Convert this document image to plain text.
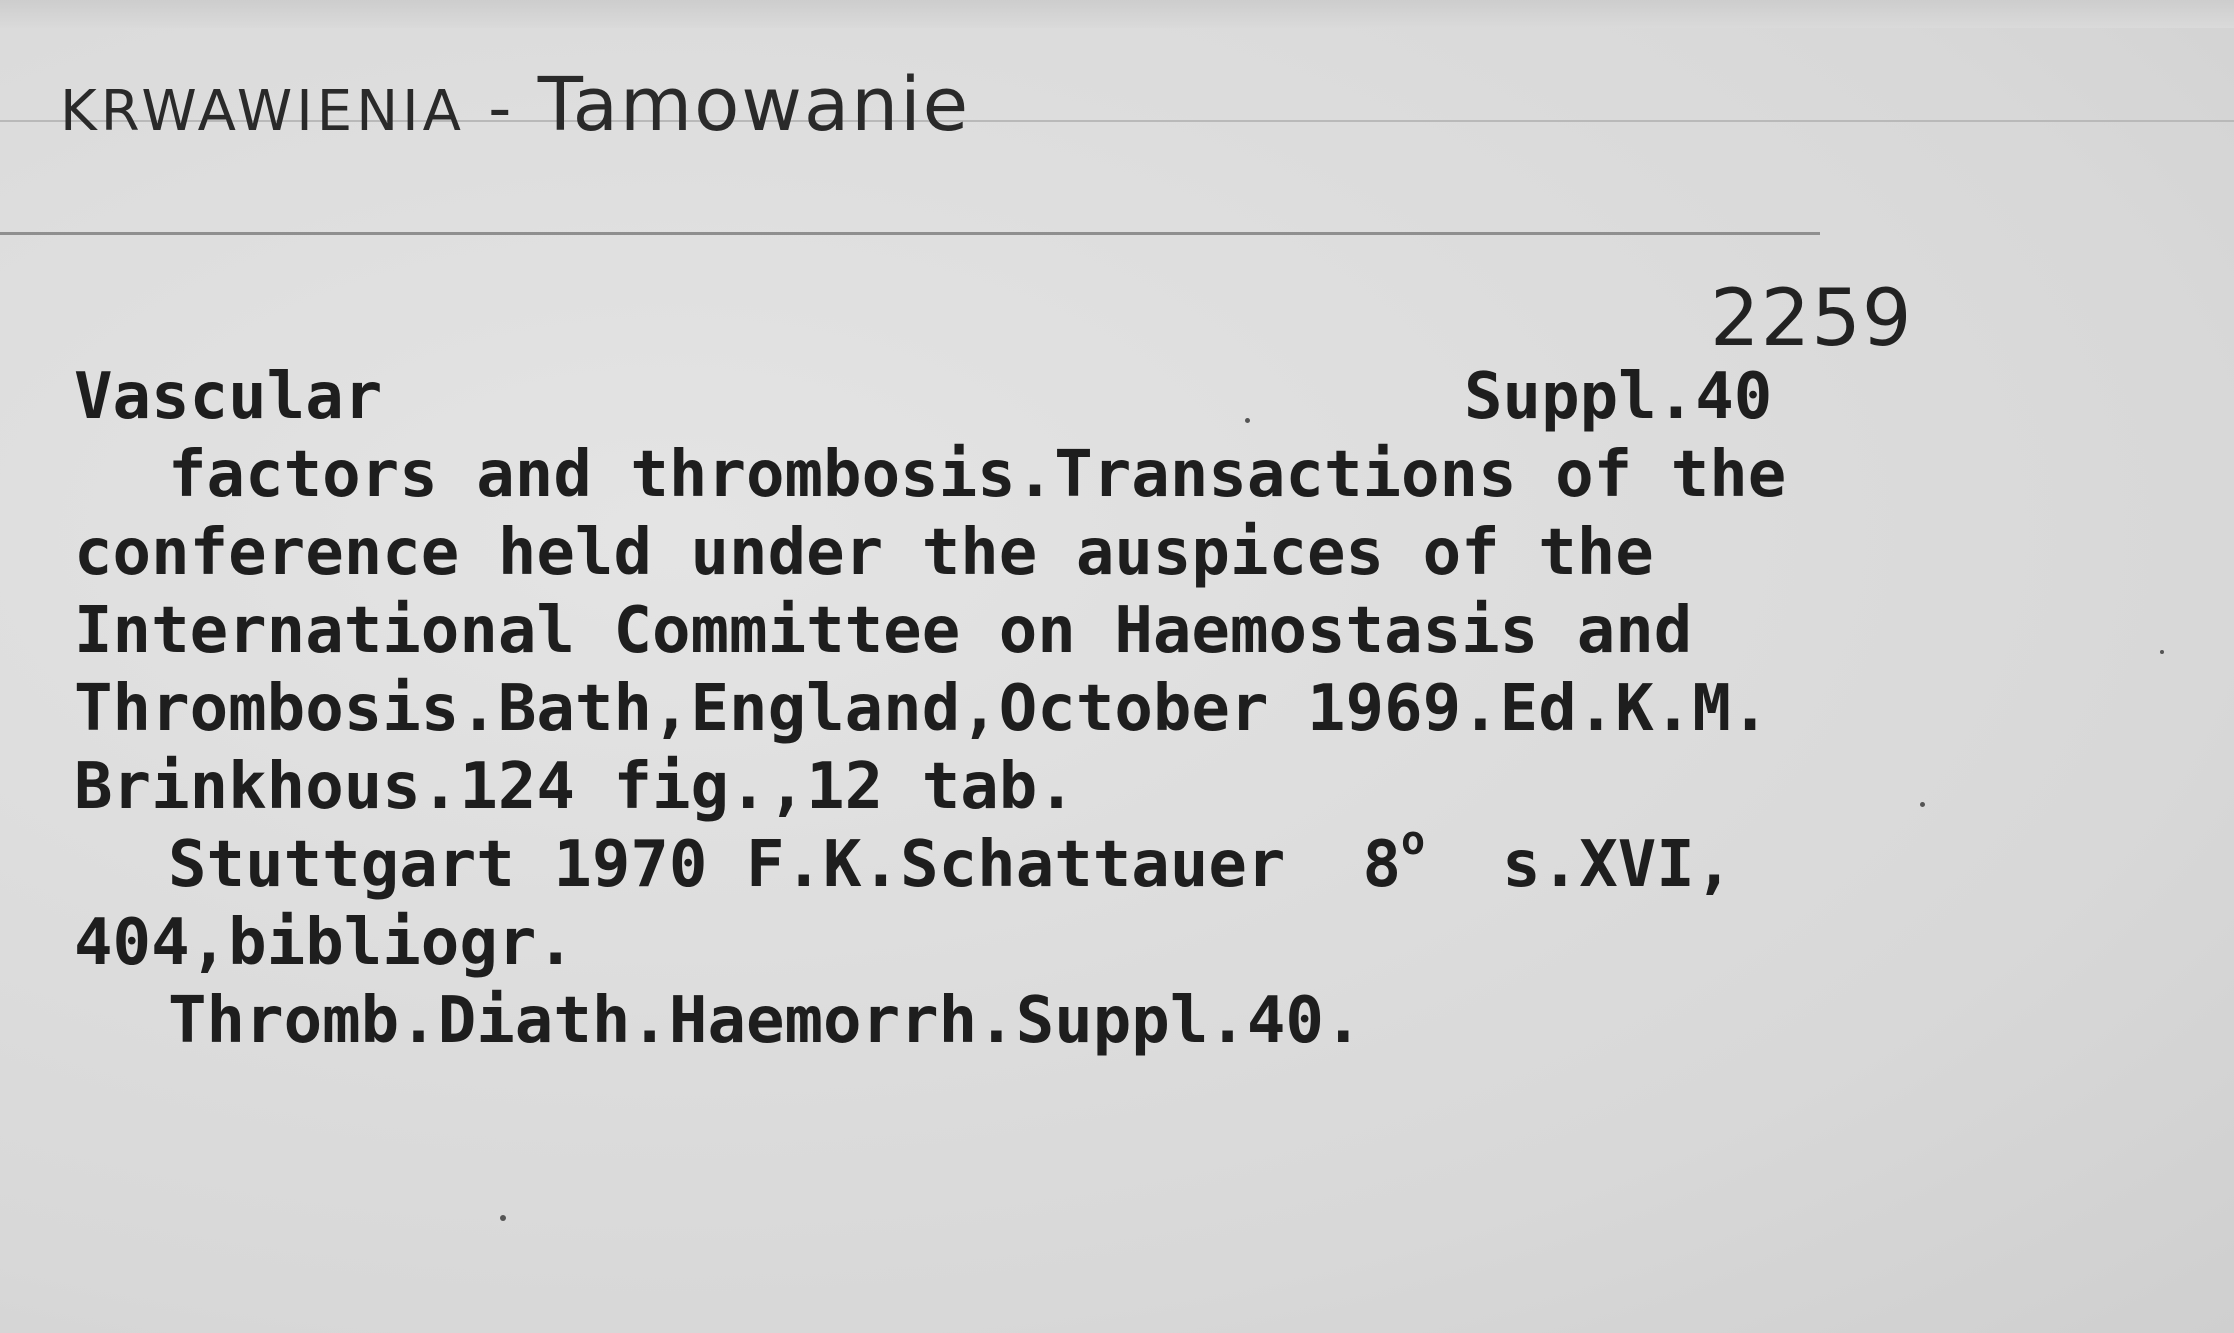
KRWAWIENIA - Tamowanie
2259
Vascular	Suppl.40
factors and thrombosis.Transactions of the
conference held under the auspices of the
International Committee on Haemostasis and
Thrombosis.Bath,England,October 1969.Ed.K.M.
Brinkhous.124 fig.,12 tab.
Stuttgart 1970 F.K.Schattauer  8$^o$  s.XVI,
404,bibliogr.
Thromb.Diath.Haemorrh.Suppl.40.
